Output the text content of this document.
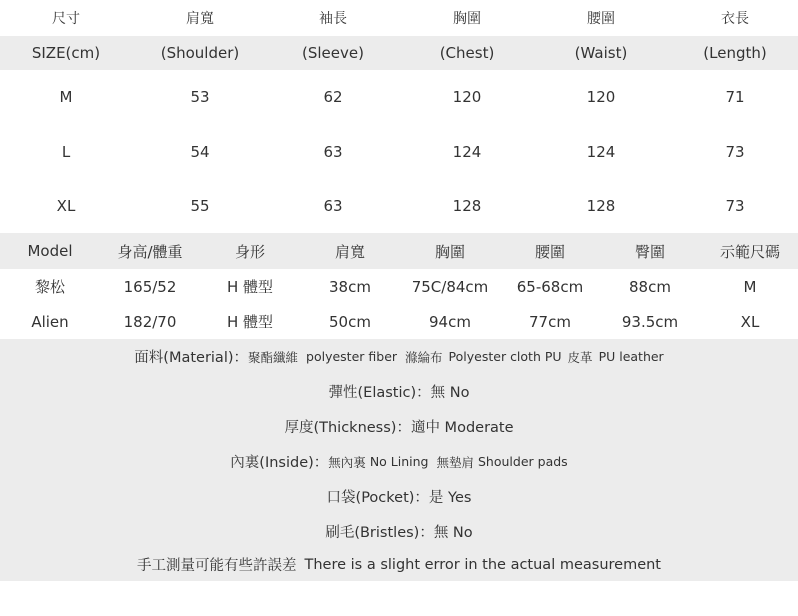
尺寸	肩寬	袖長	胸圍	腰圍	衣長
SIZE(cm)	(Shoulder)	(Sleeve)	(Chest)	(Waist)	(Length)
M	53	62	120	120	71
L	54	63	124	124	73
XL	55	63	128	128	73
Model	身高/體重	身形	肩寬	胸圍	腰圍	臀圍	示範尺碼
黎松	165/52	H 體型	38cm	75C/84cm	65-68cm	88cm	M
Alien	182/70	H 體型	50cm	94cm	77cm	93.5cm	XL
面料(Material)： 聚酯纖維 polyester fiber 滌綸布 Polyester cloth PU 皮革 PU leather
彈性(Elastic)： 無 No
厚度(Thickness)： 適中 Moderate
內裏(Inside)： 無內裏 No Lining 無墊肩 Shoulder pads
口袋(Pocket)： 是 Yes
刷毛(Bristles)： 無 No
手工測量可能有些許誤差 There is a slight error in the actual measurement
